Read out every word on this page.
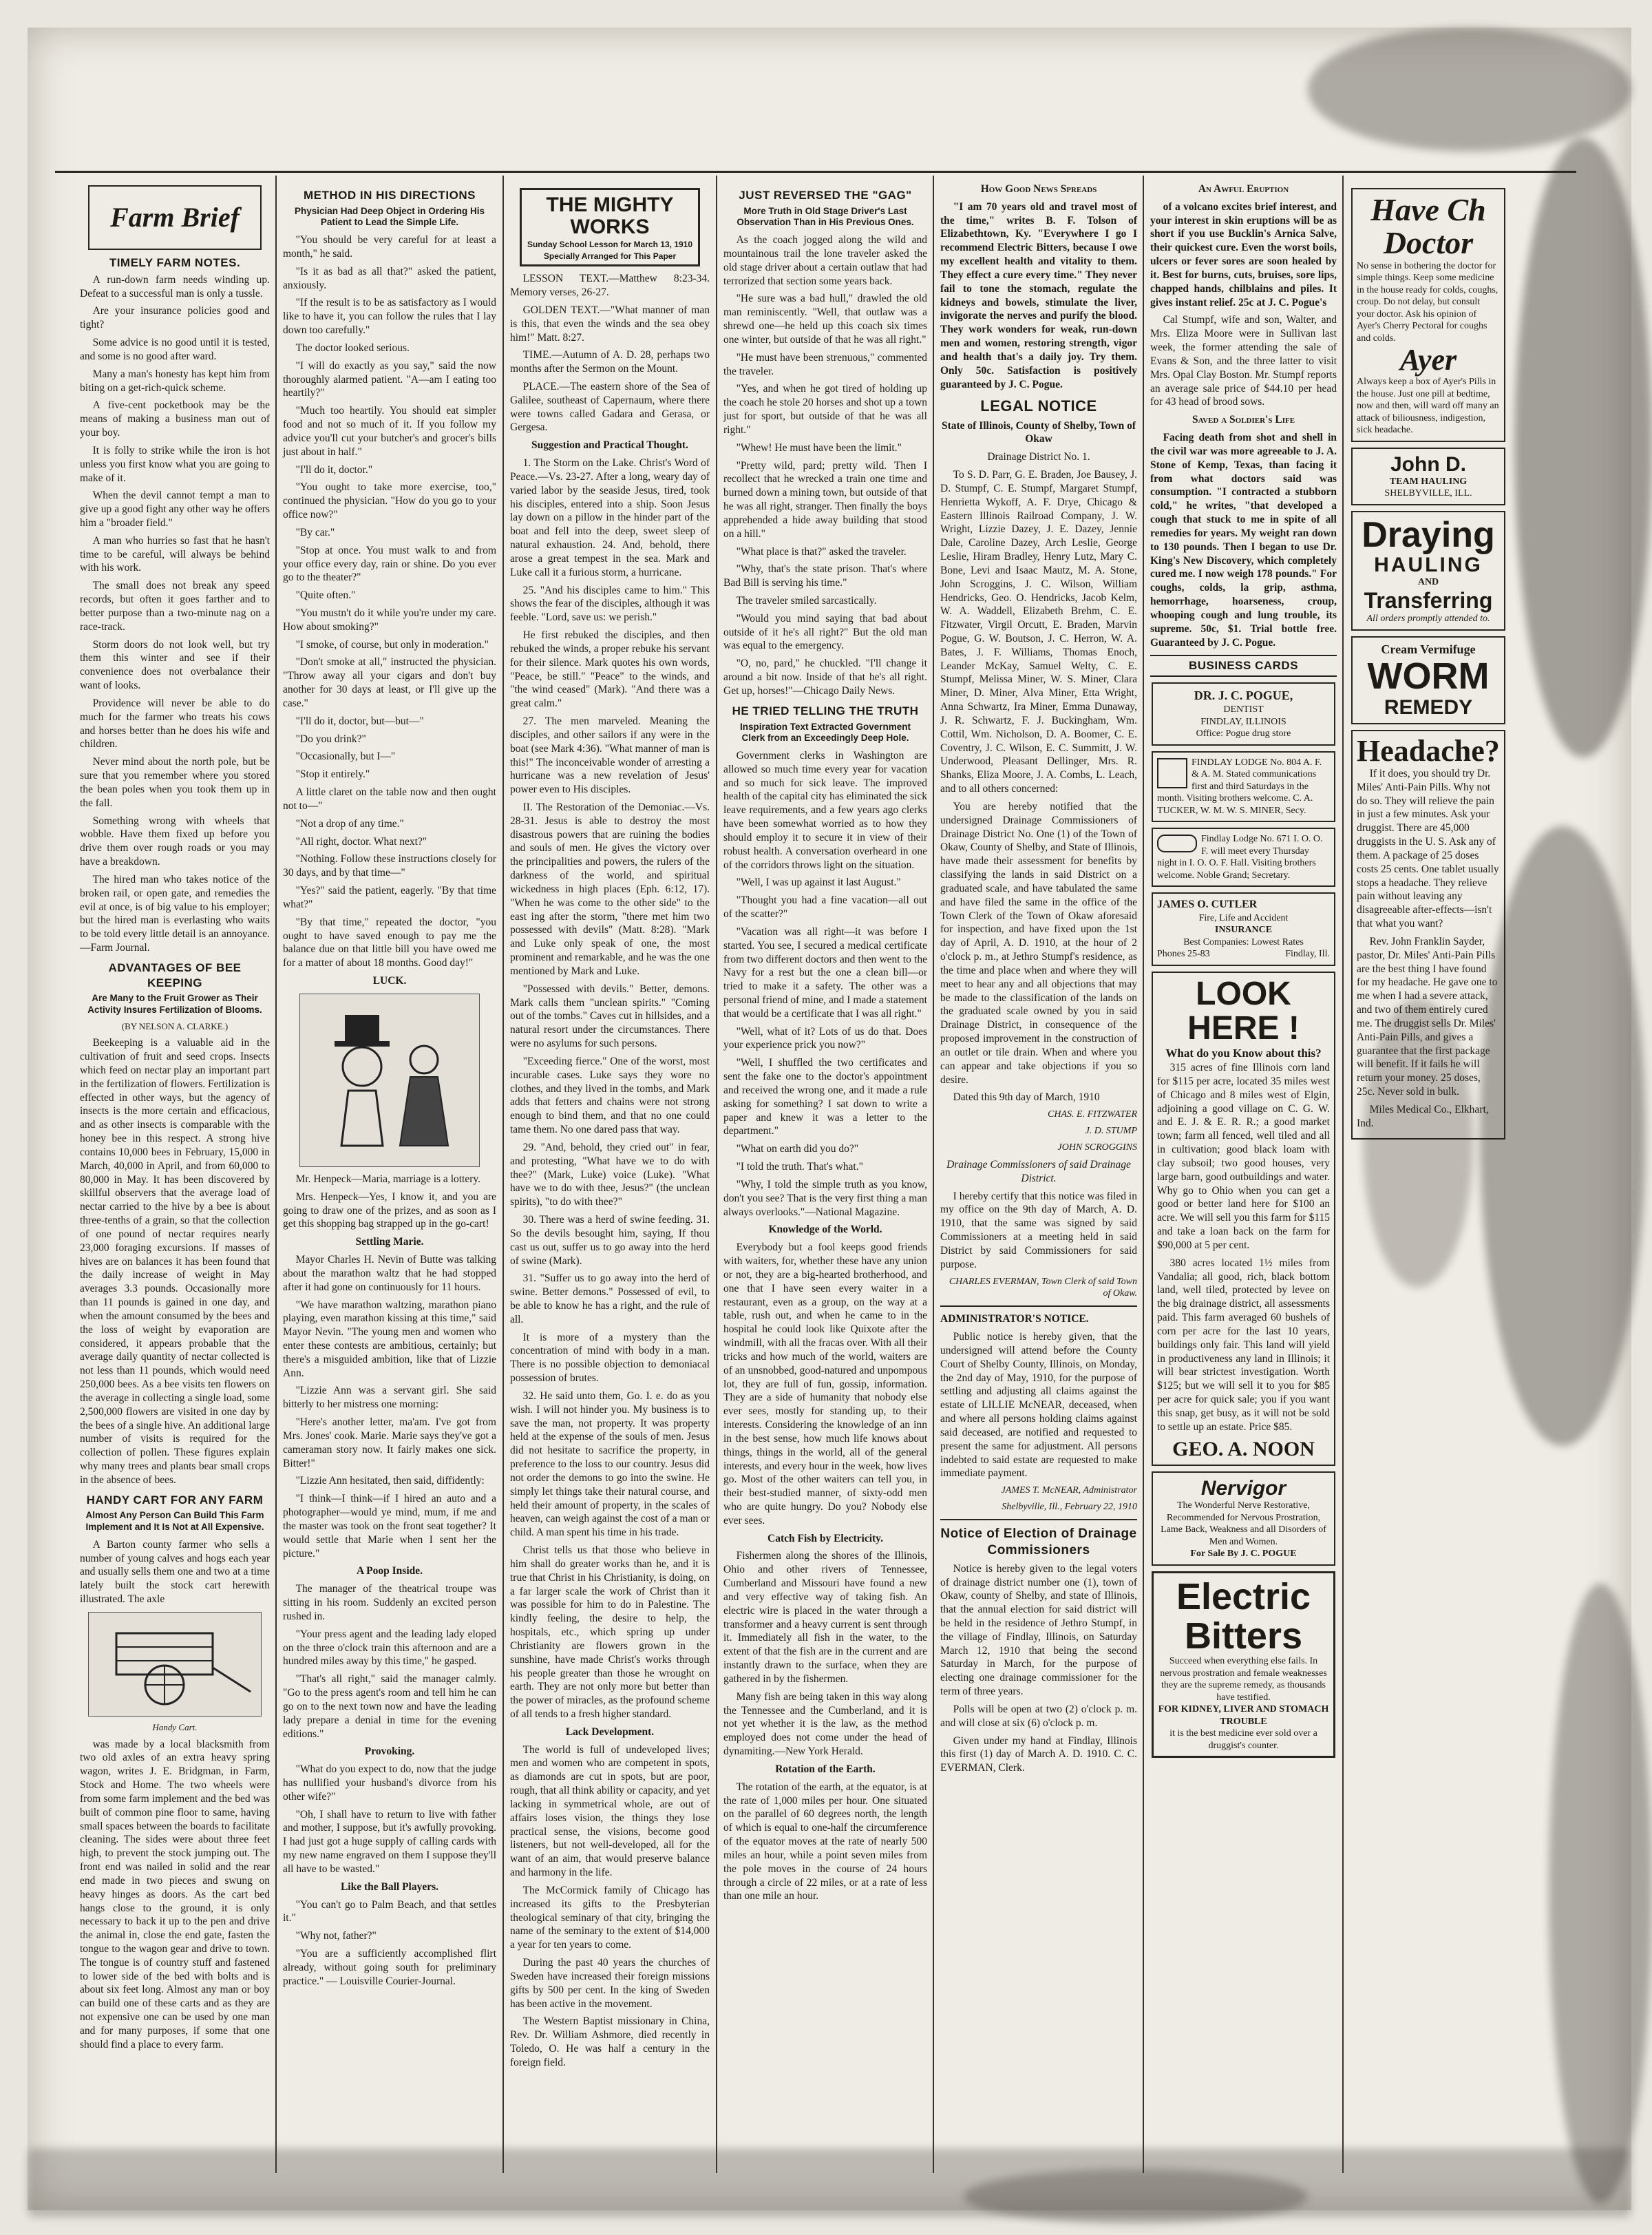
Farm Brief
TIMELY FARM NOTES.

A run-down farm needs winding up. Defeat to a successful man is only a tussle.

Are your insurance policies good and tight?

Some advice is no good until it is tested, and some is no good after ward.

Many a man's honesty has kept him from biting on a get-rich-quick scheme.

A five-cent pocketbook may be the means of making a business man out of your boy.

It is folly to strike while the iron is hot unless you first know what you are going to make of it.

When the devil cannot tempt a man to give up a good fight any other way he offers him a "broader field."

A man who hurries so fast that he hasn't time to be careful, will always be behind with his work.

The small does not break any speed records, but often it goes farther and to better purpose than a two-minute nag on a race-track.

Storm doors do not look well, but try them this winter and see if their convenience does not overbalance their want of looks.

Providence will never be able to do much for the farmer who treats his cows and horses better than he does his wife and children.

Never mind about the north pole, but be sure that you remember where you stored the bean poles when you took them up in the fall.

Something wrong with wheels that wobble. Have them fixed up before you drive them over rough roads or you may have a breakdown.

The hired man who takes notice of the broken rail, or open gate, and remedies the evil at once, is of big value to his employer; but the hired man is everlasting who waits to be told every little detail is an annoyance.—Farm Journal.

ADVANTAGES OF BEE KEEPING
Are Many to the Fruit Grower as Their Activity Insures Fertilization of Blooms.

(BY NELSON A. CLARKE.)

Beekeeping is a valuable aid in the cultivation of fruit and seed crops. Insects which feed on nectar play an important part in the fertilization of flowers. Fertilization is effected in other ways, but the agency of insects is the more certain and efficacious, and as other insects is comparable with the honey bee in this respect. A strong hive contains 10,000 bees in February, 15,000 in March, 40,000 in April, and from 60,000 to 80,000 in May. It has been discovered by skillful observers that the average load of nectar carried to the hive by a bee is about three-tenths of a grain, so that the collection of one pound of nectar requires nearly 23,000 foraging excursions. If masses of hives are on balances it has been found that the daily increase of weight in May averages 3.3 pounds. Occasionally more than 11 pounds is gained in one day, and when the amount consumed by the bees and the loss of weight by evaporation are considered, it appears probable that the average daily quantity of nectar collected is not less than 11 pounds, which would need 250,000 bees. As a bee visits ten flowers on the average in collecting a single load, some 2,500,000 flowers are visited in one day by the bees of a single hive. An additional large number of visits is required for the collection of pollen. These figures explain why many trees and plants bear small crops in the absence of bees.

HANDY CART FOR ANY FARM
Almost Any Person Can Build This Farm Implement and It Is Not at All Expensive.

A Barton county farmer who sells a number of young calves and hogs each year and usually sells them one and two at a time lately built the stock cart herewith illustrated. The axle

Handy Cart.

was made by a local blacksmith from two old axles of an extra heavy spring wagon, writes J. E. Bridgman, in Farm, Stock and Home. The two wheels were from some farm implement and the bed was built of common pine floor to same, having small spaces between the boards to facilitate cleaning. The sides were about three feet high, to prevent the stock jumping out. The front end was nailed in solid and the rear end made in two pieces and swung on heavy hinges as doors. As the cart bed hangs close to the ground, it is only necessary to back it up to the pen and drive the animal in, close the end gate, fasten the tongue to the wagon gear and drive to town. The tongue is of country stuff and fastened to lower side of the bed with bolts and is about six feet long. Almost any man or boy can build one of these carts and as they are not expensive one can be used by one man and for many purposes, if some that one should find a place to every farm.

METHOD IN HIS DIRECTIONS
Physician Had Deep Object in Ordering His Patient to Lead the Simple Life.

"You should be very careful for at least a month," he said.

"Is it as bad as all that?" asked the patient, anxiously.

"If the result is to be as satisfactory as I would like to have it, you can follow the rules that I lay down too carefully."

The doctor looked serious.

"I will do exactly as you say," said the now thoroughly alarmed patient. "A—am I eating too heartily?"

"Much too heartily. You should eat simpler food and not so much of it. If you follow my advice you'll cut your butcher's and grocer's bills just about in half."

"I'll do it, doctor."

"You ought to take more exercise, too," continued the physician. "How do you go to your office now?"

"By car."

"Stop at once. You must walk to and from your office every day, rain or shine. Do you ever go to the theater?"

"Quite often."

"You mustn't do it while you're under my care. How about smoking?"

"I smoke, of course, but only in moderation."

"Don't smoke at all," instructed the physician. "Throw away all your cigars and don't buy another for 30 days at least, or I'll give up the case."

"I'll do it, doctor, but—but—"

"Do you drink?"

"Occasionally, but I—"

"Stop it entirely."

A little claret on the table now and then ought not to—"

"Not a drop of any time."

"All right, doctor. What next?"

"Nothing. Follow these instructions closely for 30 days, and by that time—"

"Yes?" said the patient, eagerly. "By that time what?"

"By that time," repeated the doctor, "you ought to have saved enough to pay me the balance due on that little bill you have owed me for a matter of about 18 months. Good day!"

LUCK.

Mr. Henpeck—Maria, marriage is a lottery.

Mrs. Henpeck—Yes, I know it, and you are going to draw one of the prizes, and as soon as I get this shopping bag strapped up in the go-cart!

Settling Marie.

Mayor Charles H. Nevin of Butte was talking about the marathon waltz that he had stopped after it had gone on continuously for 11 hours.

"We have marathon waltzing, marathon piano playing, even marathon kissing at this time," said Mayor Nevin. "The young men and women who enter these contests are ambitious, certainly; but there's a misguided ambition, like that of Lizzie Ann.

"Lizzie Ann was a servant girl. She said bitterly to her mistress one morning:

"Here's another letter, ma'am. I've got from Mrs. Jones' cook. Marie. Marie says they've got a cameraman story now. It fairly makes one sick. Bitter!"

"Lizzie Ann hesitated, then said, diffidently:

"I think—I think—if I hired an auto and a photographer—would ye mind, mum, if me and the master was took on the front seat together? It would settle that Marie when I sent her the picture."

A Poop Inside.

The manager of the theatrical troupe was sitting in his room. Suddenly an excited person rushed in.

"Your press agent and the leading lady eloped on the three o'clock train this afternoon and are a hundred miles away by this time," he gasped.

"That's all right," said the manager calmly. "Go to the press agent's room and tell him he can go on to the next town now and have the leading lady prepare a denial in time for the evening editions."

Provoking.

"What do you expect to do, now that the judge has nullified your husband's divorce from his other wife?"

"Oh, I shall have to return to live with father and mother, I suppose, but it's awfully provoking. I had just got a huge supply of calling cards with my new name engraved on them I suppose they'll all have to be wasted."

Like the Ball Players.

"You can't go to Palm Beach, and that settles it."

"Why not, father?"

"You are a sufficiently accomplished flirt already, without going south for preliminary practice." — Louisville Courier-Journal.

THE MIGHTY WORKS
Sunday School Lesson for March 13, 1910
Specially Arranged for This Paper

LESSON TEXT.—Matthew 8:23-34. Memory verses, 26-27.

GOLDEN TEXT.—"What manner of man is this, that even the winds and the sea obey him!" Matt. 8:27.

TIME.—Autumn of A. D. 28, perhaps two months after the Sermon on the Mount.

PLACE.—The eastern shore of the Sea of Galilee, southeast of Capernaum, where there were towns called Gadara and Gerasa, or Gergesa.

Suggestion and Practical Thought.

1. The Storm on the Lake. Christ's Word of Peace.—Vs. 23-27. After a long, weary day of varied labor by the seaside Jesus, tired, took his disciples, entered into a ship. Soon Jesus lay down on a pillow in the hinder part of the boat and fell into the deep, sweet sleep of natural exhaustion. 24. And, behold, there arose a great tempest in the sea. Mark and Luke call it a furious storm, a hurricane.

25. "And his disciples came to him." This shows the fear of the disciples, although it was feeble. "Lord, save us: we perish."

He first rebuked the disciples, and then rebuked the winds, a proper rebuke his servant for their silence. Mark quotes his own words, "Peace, be still." "Peace" to the winds, and "the wind ceased" (Mark). "And there was a great calm."

27. The men marveled. Meaning the disciples, and other sailors if any were in the boat (see Mark 4:36). "What manner of man is this!" The inconceivable wonder of arresting a hurricane was a new revelation of Jesus' power even to His disciples.

II. The Restoration of the Demoniac.—Vs. 28-31. Jesus is able to destroy the most disastrous powers that are ruining the bodies and souls of men. He gives the victory over the principalities and powers, the rulers of the darkness of the world, and spiritual wickedness in high places (Eph. 6:12, 17). "When he was come to the other side" to the east ing after the storm, "there met him two possessed with devils" (Matt. 8:28). "Mark and Luke only speak of one, the most prominent and remarkable, and he was the one mentioned by Mark and Luke.

"Possessed with devils." Better, demons. Mark calls them "unclean spirits." "Coming out of the tombs." Caves cut in hillsides, and a natural resort under the circumstances. There were no asylums for such persons.

"Exceeding fierce." One of the worst, most incurable cases. Luke says they wore no clothes, and they lived in the tombs, and Mark adds that fetters and chains were not strong enough to bind them, and that no one could tame them. No one dared pass that way.

29. "And, behold, they cried out" in fear, and protesting, "What have we to do with thee?" (Mark, Luke) voice (Luke). "What have we to do with thee, Jesus?" (the unclean spirits), "to do with thee?"

30. There was a herd of swine feeding. 31. So the devils besought him, saying, If thou cast us out, suffer us to go away into the herd of swine (Mark).

31. "Suffer us to go away into the herd of swine. Better demons." Possessed of evil, to be able to know he has a right, and the rule of all.

It is more of a mystery than the concentration of mind with body in a man. There is no possible objection to demoniacal possession of brutes.

32. He said unto them, Go. I. e. do as you wish. I will not hinder you. My business is to save the man, not property. It was property held at the expense of the souls of men. Jesus did not hesitate to sacrifice the property, in preference to the loss to our country. Jesus did not order the demons to go into the swine. He simply let things take their natural course, and held their amount of property, in the scales of heaven, can weigh against the cost of a man or child. A man spent his time in his trade.

Christ tells us that those who believe in him shall do greater works than he, and it is true that Christ in his Christianity, is doing, on a far larger scale the work of Christ than it was possible for him to do in Palestine. The kindly feeling, the desire to help, the hospitals, etc., which spring up under Christianity are flowers grown in the sunshine, have made Christ's works through his people greater than those he wrought on earth. They are not only more but better than the power of miracles, as the profound scheme of all tends to a fresh higher standard.

Lack Development.

The world is full of undeveloped lives; men and women who are competent in spots, as diamonds are cut in spots, but are poor, rough, that all think ability or capacity, and yet lacking in symmetrical whole, are out of affairs loses vision, the things they lose practical sense, the visions, become good listeners, but not well-developed, all for the want of an aim, that would preserve balance and harmony in the life.

The McCormick family of Chicago has increased its gifts to the Presbyterian theological seminary of that city, bringing the name of the seminary to the extent of $14,000 a year for ten years to come.

During the past 40 years the churches of Sweden have increased their foreign missions gifts by 500 per cent. In the king of Sweden has been active in the movement.

The Western Baptist missionary in China, Rev. Dr. William Ashmore, died recently in Toledo, O. He was half a century in the foreign field.

JUST REVERSED THE "GAG"
More Truth in Old Stage Driver's Last Observation Than in His Previous Ones.

As the coach jogged along the wild and mountainous trail the lone traveler asked the old stage driver about a certain outlaw that had terrorized that section some years back.

"He sure was a bad hull," drawled the old man reminiscently. "Well, that outlaw was a shrewd one—he held up this coach six times one winter, but outside of that he was all right."

"He must have been strenuous," commented the traveler.

"Yes, and when he got tired of holding up the coach he stole 20 horses and shot up a town just for sport, but outside of that he was all right."

"Whew! He must have been the limit."

"Pretty wild, pard; pretty wild. Then I recollect that he wrecked a train one time and burned down a mining town, but outside of that he was all right, stranger. Then finally the boys apprehended a hide away building that stood on a hill."

"What place is that?" asked the traveler.

"Why, that's the state prison. That's where Bad Bill is serving his time."

The traveler smiled sarcastically.

"Would you mind saying that bad about outside of it he's all right?" But the old man was equal to the emergency.

"O, no, pard," he chuckled. "I'll change it around a bit now. Inside of that he's all right. Get up, horses!"—Chicago Daily News.

HE TRIED TELLING THE TRUTH
Inspiration Text Extracted Government Clerk from an Exceedingly Deep Hole.

Government clerks in Washington are allowed so much time every year for vacation and so much for sick leave. The improved health of the capital city has eliminated the sick leave requirements, and a few years ago clerks have been somewhat worried as to how they should employ it to secure it in view of their robust health. A conversation overheard in one of the corridors throws light on the situation.

"Well, I was up against it last August."

"Thought you had a fine vacation—all out of the scatter?"

"Vacation was all right—it was before I started. You see, I secured a medical certificate from two different doctors and then went to the Navy for a rest but the one a clean bill—or tried to make it a safety. The other was a personal friend of mine, and I made a statement that would be a certificate that I was all right."

"Well, what of it? Lots of us do that. Does your experience prick you now?"

"Well, I shuffled the two certificates and sent the fake one to the doctor's appointment and received the wrong one, and it made a rule asking for something? I sat down to write a paper and knew it was a letter to the department."

"What on earth did you do?"

"I told the truth. That's what."

"Why, I told the simple truth as you know, don't you see? That is the very first thing a man always overlooks."—National Magazine.

Knowledge of the World.

Everybody but a fool keeps good friends with waiters, for, whether these have any union or not, they are a big-hearted brotherhood, and one that I have seen every waiter in a restaurant, even as a group, on the way at a table, rush out, and when he came to in the hospital he could look like Quixote after the windmill, with all the fracas over. With all their tricks and how much of the world, waiters are of an unsnobbed, good-natured and unpompous lot, they are full of fun, gossip, information. They are a side of humanity that nobody else ever sees, mostly for standing up, to their interests. Considering the knowledge of an inn in the best sense, how much life knows about things, things in the world, all of the general interests, and every hour in the week, how lives go. Most of the other waiters can tell you, in their best-studied manner, of sixty-odd men who are quite hungry. Do you? Nobody else ever sees.

Catch Fish by Electricity.

Fishermen along the shores of the Illinois, Ohio and other rivers of Tennessee, Cumberland and Missouri have found a new and very effective way of taking fish. An electric wire is placed in the water through a transformer and a heavy current is sent through it. Immediately all fish in the water, to the extent of that the fish are in the current and are instantly drawn to the surface, when they are gathered in by the fishermen.

Many fish are being taken in this way along the Tennessee and the Cumberland, and it is not yet whether it is the law, as the method employed does not come under the head of dynamiting.—New York Herald.

Rotation of the Earth.

The rotation of the earth, at the equator, is at the rate of 1,000 miles per hour. One situated on the parallel of 60 degrees north, the length of which is equal to one-half the circumference of the equator moves at the rate of nearly 500 miles an hour, while a point seven miles from the pole moves in the course of 24 hours through a circle of 22 miles, or at a rate of less than one mile an hour.

How Good News Spreads

"I am 70 years old and travel most of the time," writes B. F. Tolson of Elizabethtown, Ky. "Everywhere I go I recommend Electric Bitters, because I owe my excellent health and vitality to them. They effect a cure every time." They never fail to tone the stomach, regulate the kidneys and bowels, stimulate the liver, invigorate the nerves and purify the blood. They work wonders for weak, run-down men and women, restoring strength, vigor and health that's a daily joy. Try them. Only 50c. Satisfaction is positively guaranteed by J. C. Pogue.

LEGAL NOTICE

State of Illinois, County of Shelby, Town of Okaw

Drainage District No. 1.

To S. D. Parr, G. E. Braden, Joe Bausey, J. D. Stumpf, C. E. Stumpf, Margaret Stumpf, Henrietta Wykoff, A. F. Drye, Chicago & Eastern Illinois Railroad Company, J. W. Wright, Lizzie Dazey, J. E. Dazey, Jennie Dale, Caroline Dazey, Arch Leslie, George Leslie, Hiram Bradley, Henry Lutz, Mary C. Bone, Levi and Isaac Mautz, M. A. Stone, John Scroggins, J. C. Wilson, William Hendricks, Geo. O. Hendricks, Jacob Kelm, W. A. Waddell, Elizabeth Brehm, C. E. Fitzwater, Virgil Orcutt, E. Braden, Marvin Pogue, G. W. Boutson, J. C. Herron, W. A. Bates, J. F. Williams, Thomas Enoch, Leander McKay, Samuel Welty, C. E. Stumpf, Melissa Miner, W. S. Miner, Clara Miner, D. Miner, Alva Miner, Etta Wright, Anna Schwartz, Ira Miner, Emma Dunaway, J. R. Schwartz, F. J. Buckingham, Wm. Cottil, Wm. Nicholson, D. A. Boomer, C. E. Coventry, J. C. Wilson, E. C. Summitt, J. W. Underwood, Pleasant Dellinger, Mrs. R. Shanks, Eliza Moore, J. A. Combs, L. Leach, and to all others concerned:

You are hereby notified that the undersigned Drainage Commissioners of Drainage District No. One (1) of the Town of Okaw, County of Shelby, and State of Illinois, have made their assessment for benefits by classifying the lands in said District on a graduated scale, and have tabulated the same and have filed the same in the office of the Town Clerk of the Town of Okaw aforesaid for inspection, and have fixed upon the 1st day of April, A. D. 1910, at the hour of 2 o'clock p. m., at Jethro Stumpf's residence, as the time and place when and where they will meet to hear any and all objections that may be made to the classification of the lands on the graduated scale owned by you in said Drainage District, in consequence of the proposed improvement in the construction of an outlet or tile drain. When and where you can appear and take objections if you so desire.

Dated this 9th day of March, 1910

CHAS. E. FITZWATER

J. D. STUMP

JOHN SCROGGINS

Drainage Commissioners of said Drainage District.

I hereby certify that this notice was filed in my office on the 9th day of March, A. D. 1910, that the same was signed by said Commissioners at a meeting held in said District by said Commissioners for said purpose.

CHARLES EVERMAN, Town Clerk of said Town of Okaw.

ADMINISTRATOR'S NOTICE.

Public notice is hereby given, that the undersigned will attend before the County Court of Shelby County, Illinois, on Monday, the 2nd day of May, 1910, for the purpose of settling and adjusting all claims against the estate of LILLIE McNEAR, deceased, when and where all persons holding claims against said deceased, are notified and requested to present the same for adjustment. All persons indebted to said estate are requested to make immediate payment.

JAMES T. McNEAR, Administrator

Shelbyville, Ill., February 22, 1910

Notice of Election of Drainage Commissioners

Notice is hereby given to the legal voters of drainage district number one (1), town of Okaw, county of Shelby, and state of Illinois, that the annual election for said district will be held in the residence of Jethro Stumpf, in the village of Findlay, Illinois, on Saturday March 12, 1910 that being the second Saturday in March, for the purpose of electing one drainage commissioner for the term of three years.

Polls will be open at two (2) o'clock p. m. and will close at six (6) o'clock p. m.

Given under my hand at Findlay, Illinois this first (1) day of March A. D. 1910. C. C. EVERMAN, Clerk.

An Awful Eruption

of a volcano excites brief interest, and your interest in skin eruptions will be as short if you use Bucklin's Arnica Salve, their quickest cure. Even the worst boils, ulcers or fever sores are soon healed by it. Best for burns, cuts, bruises, sore lips, chapped hands, chilblains and piles. It gives instant relief. 25c at J. C. Pogue's

Cal Stumpf, wife and son, Walter, and Mrs. Eliza Moore were in Sullivan last week, the former attending the sale of Evans & Son, and the three latter to visit Mrs. Opal Clay Boston. Mr. Stumpf reports an average sale price of $44.10 per head for 43 head of brood sows.

Saved a Soldier's Life

Facing death from shot and shell in the civil war was more agreeable to J. A. Stone of Kemp, Texas, than facing it from what doctors said was consumption. "I contracted a stubborn cold," he writes, "that developed a cough that stuck to me in spite of all remedies for years. My weight ran down to 130 pounds. Then I began to use Dr. King's New Discovery, which completely cured me. I now weigh 178 pounds." For coughs, colds, la grip, asthma, hemorrhage, hoarseness, croup, whooping cough and lung trouble, its supreme. 50c, $1. Trial bottle free. Guaranteed by J. C. Pogue.

BUSINESS CARDS
DR. J. C. POGUE,
DENTIST
FINDLAY, ILLINOIS
Office: Pogue drug store
FINDLAY LODGE No. 804 A. F. & A. M. Stated communications first and third Saturdays in the month. Visiting brothers welcome. C. A. TUCKER, W. M. W. S. MINER, Secy.
Findlay Lodge No. 671 I. O. O. F. will meet every Thursday night in I. O. O. F. Hall. Visiting brothers welcome. Noble Grand; Secretary.
JAMES O. CUTLER
Fire, Life and Accident
INSURANCE
Best Companies: Lowest Rates
Phones 25-83	Findlay, Ill.
LOOK HERE !
What do you Know about this?

315 acres of fine Illinois corn land for $115 per acre, located 35 miles west of Chicago and 8 miles west of Elgin, adjoining a good village on C. G. W. and E. J. & E. R. R.; a good market town; farm all fenced, well tiled and all in cultivation; good black loam with clay subsoil; two good houses, very large barn, good outbuildings and water. Why go to Ohio when you can get a good or better land here for $100 an acre. We will sell you this farm for $115 and take a loan back on the farm for $90,000 at 5 per cent.

380 acres located 1½ miles from Vandalia; all good, rich, black bottom land, well tiled, protected by levee on the big drainage district, all assessments paid. This farm averaged 60 bushels of corn per acre for the last 10 years, buildings only fair. This land will yield in productiveness any land in Illinois; it will bear strictest investigation. Worth $125; but we will sell it to you for $85 per acre for quick sale; you if you want this snap, get busy, as it will not be sold to settle up an estate. Price $85.

GEO. A. NOON
Nervigor
The Wonderful Nerve Restorative, Recommended for Nervous Prostration, Lame Back, Weakness and all Disorders of Men and Women.
For Sale By J. C. POGUE
Electric
Bitters
Succeed when everything else fails. In nervous prostration and female weaknesses they are the supreme remedy, as thousands have testified.
FOR KIDNEY, LIVER AND STOMACH TROUBLE
it is the best medicine ever sold over a druggist's counter.
Have Ch
Doctor
No sense in bothering the doctor for simple things. Keep some medicine in the house ready for colds, coughs, croup. Do not delay, but consult your doctor. Ask his opinion of Ayer's Cherry Pectoral for coughs and colds.
Ayer
Always keep a box of Ayer's Pills in the house. Just one pill at bedtime, now and then, will ward off many an attack of biliousness, indigestion, sick headache.
John D.
TEAM HAULING
SHELBYVILLE, ILL.
Draying
HAULING
AND
Transferring
All orders promptly attended to.
Cream Vermifuge
WORM
REMEDY
Headache?

If it does, you should try Dr. Miles' Anti-Pain Pills. Why not do so. They will relieve the pain in just a few minutes. Ask your druggist. There are 45,000 druggists in the U. S. Ask any of them. A package of 25 doses costs 25 cents. One tablet usually stops a headache. They relieve pain without leaving any disagreeable after-effects—isn't that what you want?

Rev. John Franklin Sayder, pastor, Dr. Miles' Anti-Pain Pills are the best thing I have found for my headache. He gave one to me when I had a severe attack, and two of them entirely cured me. The druggist sells Dr. Miles' Anti-Pain Pills, and gives a guarantee that the first package will benefit. If it fails he will return your money. 25 doses, 25c. Never sold in bulk.

Miles Medical Co., Elkhart, Ind.
